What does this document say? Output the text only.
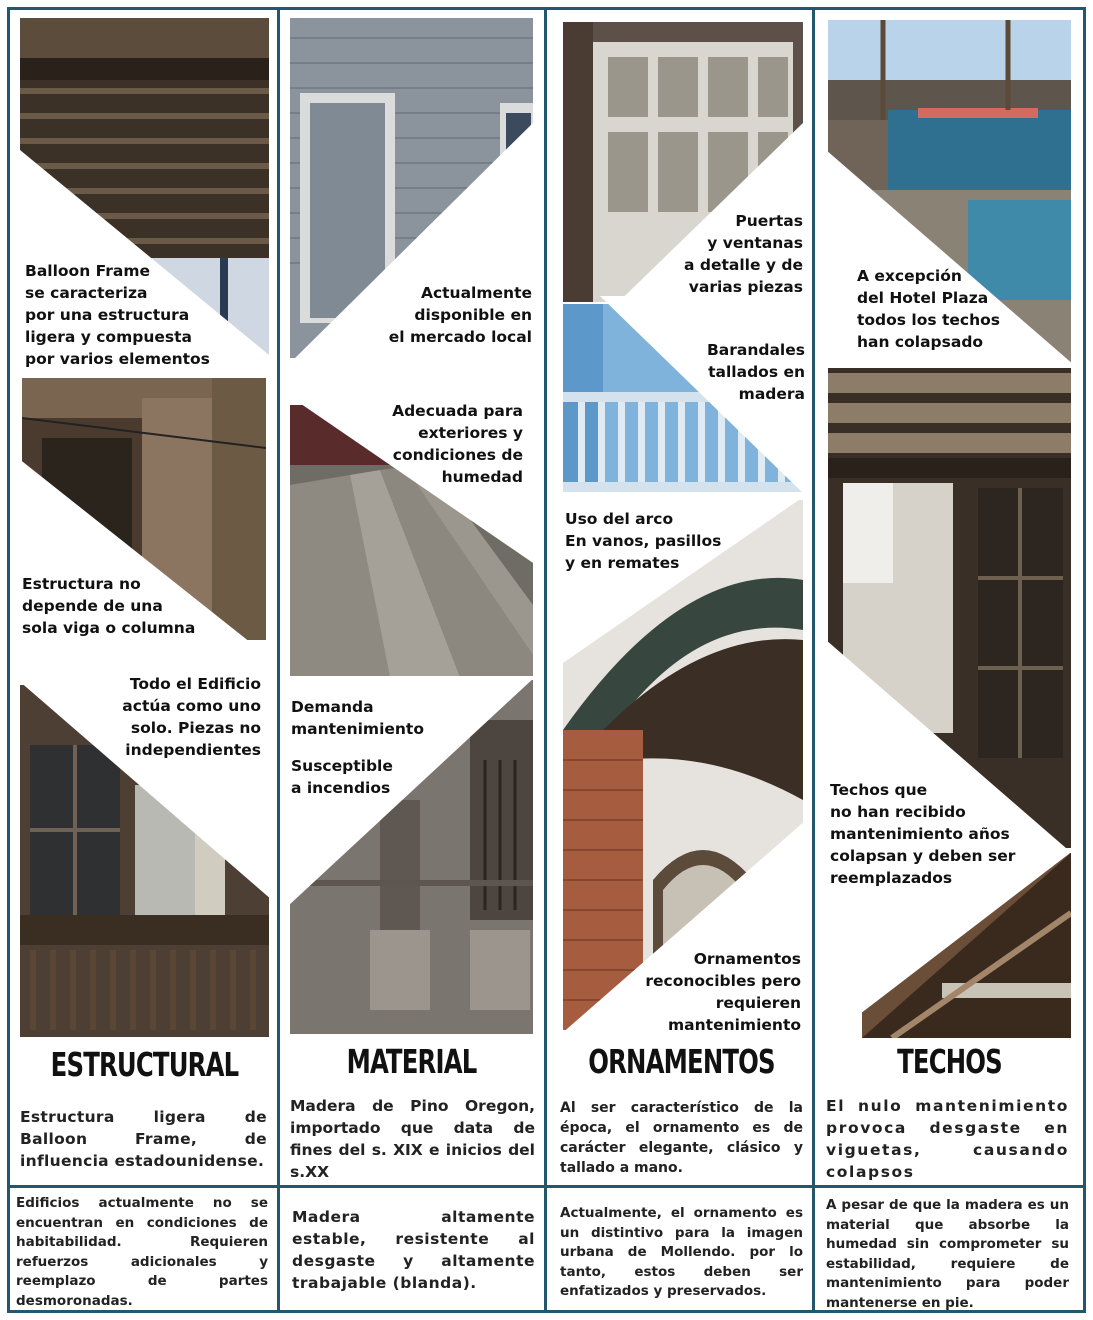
Balloon Frame
se caracteriza
por una estructura
ligera y compuesta
por varios elementos
Estructura no
depende de una
sola viga o columna
Todo el Edificio
actúa como uno
solo. Piezas no
independientes
ESTRUCTURAL
Estructura ligera de Balloon Frame, de influencia estadounidense.
Edificios actualmente no se encuentran en condiciones de habitabilidad. Requieren refuerzos adicionales y reemplazo de partes desmoronadas.
Actualmente
disponible en
el mercado local
Adecuada para
exteriores y
condiciones de
humedad
Demanda
mantenimiento
Susceptible
a incendios
MATERIAL
Madera de Pino Oregon, importado que data de fines del s. XIX e inicios del s.XX
Madera altamente estable, resistente al desgaste y altamente trabajable (blanda).
Puertas
y ventanas
a detalle y de
varias piezas
Barandales
tallados en
madera
Uso del arco
En vanos, pasillos
y en remates
Ornamentos
reconocibles pero
requieren
mantenimiento
ORNAMENTOS
Al ser característico de la época, el ornamento es de carácter elegante, clásico y tallado a mano.
Actualmente, el ornamento es un distintivo para la imagen urbana de Mollendo. por lo tanto, estos deben ser enfatizados y preservados.
A excepción
del Hotel Plaza
todos los techos
han colapsado
Techos que
no han recibido
mantenimiento años
colapsan y deben ser
reemplazados
TECHOS
El nulo mantenimiento provoca desgaste en viguetas, causando colapsos
A pesar de que la madera es un material que absorbe la humedad sin comprometer su estabilidad, requiere de mantenimiento para poder mantenerse en pie.
